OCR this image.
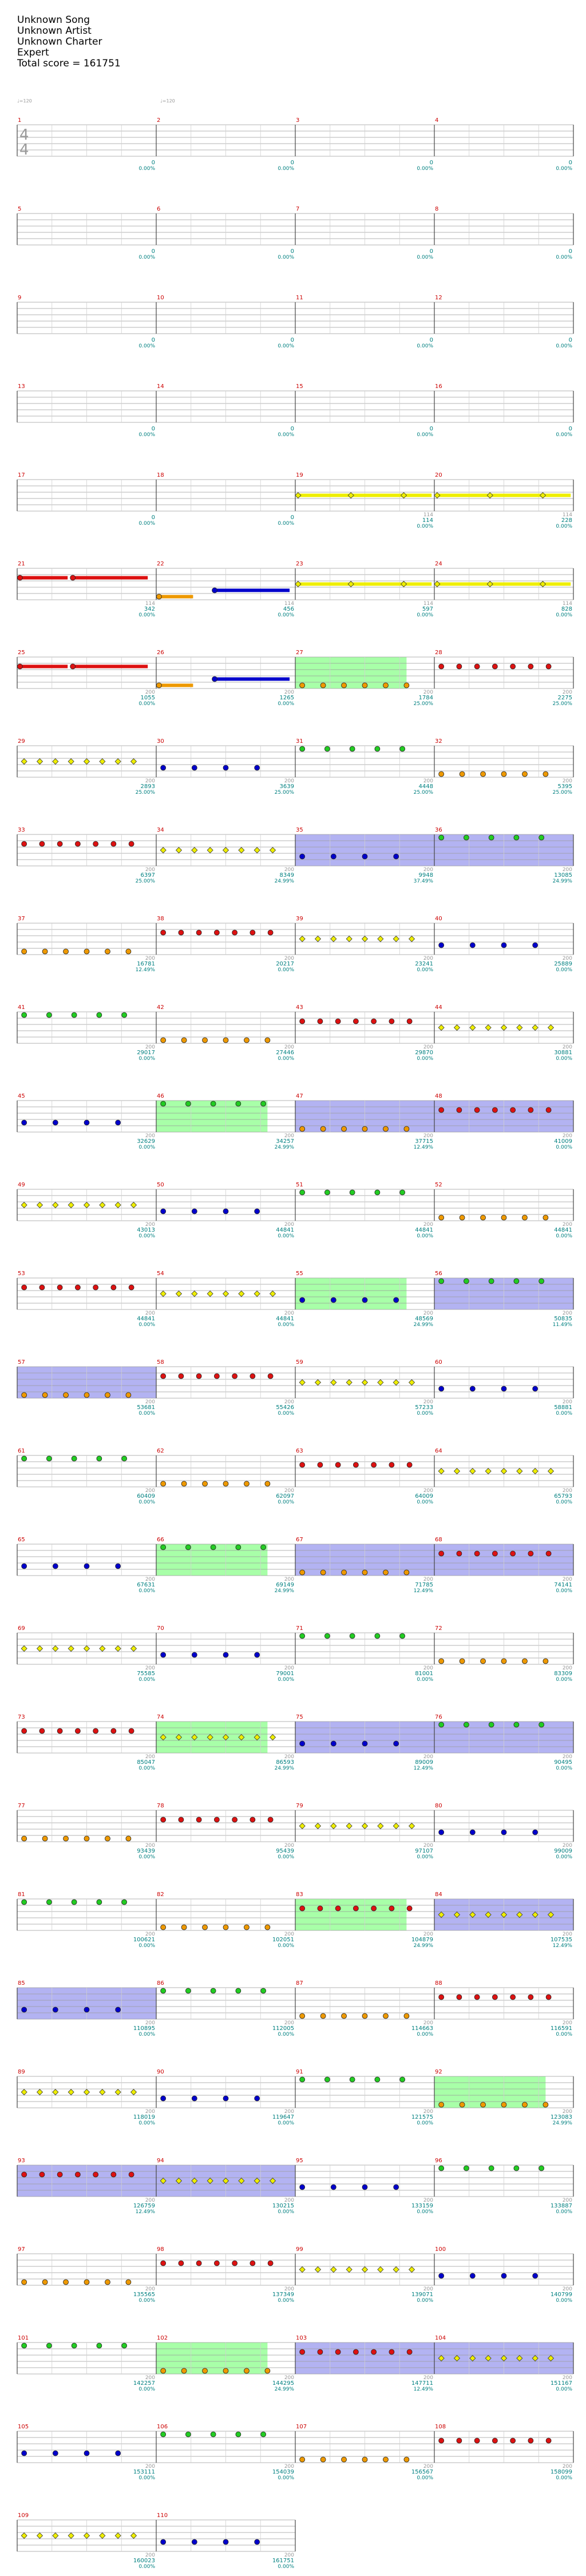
Unknown Song
Unknown Artist
Unknown Charter
Expert
Total score = 161751
♩=120	♩=120
4
4
1
0
0.00%
2
0
0.00%
3
0
0.00%
4
0
0.00%
5
0
0.00%
6
0
0.00%
7
0
0.00%
8
0
0.00%
9
0
0.00%
10
0
0.00%
11
0
0.00%
12
0
0.00%
13
0
0.00%
14
0
0.00%
15
0
0.00%
16
0
0.00%
17
0
0.00%
18
0
0.00%
19
114
114
0.00%
20
114
228
0.00%
21
114
342
0.00%
22
114
456
0.00%
23
114
597
0.00%
24
114
828
0.00%
25
200
1055
0.00%
26
200
1265
0.00%
27
200
1784
25.00%
28
200
2275
25.00%
29
200
2893
25.00%
30
200
3639
25.00%
31
200
4448
25.00%
32
200
5395
25.00%
33
200
6397
25.00%
34
200
8349
24.99%
35
200
9948
37.49%
36
200
13085
24.99%
37
200
16781
12.49%
38
200
20217
0.00%
39
200
23241
0.00%
40
200
25889
0.00%
41
200
29017
0.00%
42
200
27446
0.00%
43
200
29870
0.00%
44
200
30881
0.00%
45
200
32629
0.00%
46
200
34257
24.99%
47
200
37715
12.49%
48
200
41009
0.00%
49
200
43013
0.00%
50
200
44841
0.00%
51
200
44841
0.00%
52
200
44841
0.00%
53
200
44841
0.00%
54
200
44841
0.00%
55
200
48569
24.99%
56
200
50835
11.49%
57
200
53681
0.00%
58
200
55426
0.00%
59
200
57233
0.00%
60
200
58881
0.00%
61
200
60409
0.00%
62
200
62097
0.00%
63
200
64009
0.00%
64
200
65793
0.00%
65
200
67631
0.00%
66
200
69149
24.99%
67
200
71785
12.49%
68
200
74141
0.00%
69
200
75585
0.00%
70
200
79001
0.00%
71
200
81001
0.00%
72
200
83309
0.00%
73
200
85047
0.00%
74
200
86593
24.99%
75
200
89009
12.49%
76
200
90495
0.00%
77
200
93439
0.00%
78
200
95439
0.00%
79
200
97107
0.00%
80
200
99009
0.00%
81
200
100621
0.00%
82
200
102051
0.00%
83
200
104879
24.99%
84
200
107535
12.49%
85
200
110895
0.00%
86
200
112005
0.00%
87
200
114663
0.00%
88
200
116591
0.00%
89
200
118019
0.00%
90
200
119647
0.00%
91
200
121575
0.00%
92
200
123083
24.99%
93
200
126759
12.49%
94
200
130215
0.00%
95
200
133159
0.00%
96
200
133887
0.00%
97
200
135565
0.00%
98
200
137349
0.00%
99
200
139071
0.00%
100
200
140799
0.00%
101
200
142257
0.00%
102
200
144295
24.99%
103
200
147711
12.49%
104
200
151167
0.00%
105
200
153111
0.00%
106
200
154039
0.00%
107
200
156567
0.00%
108
200
158099
0.00%
109
200
160023
0.00%
110
200
161751
0.00%
